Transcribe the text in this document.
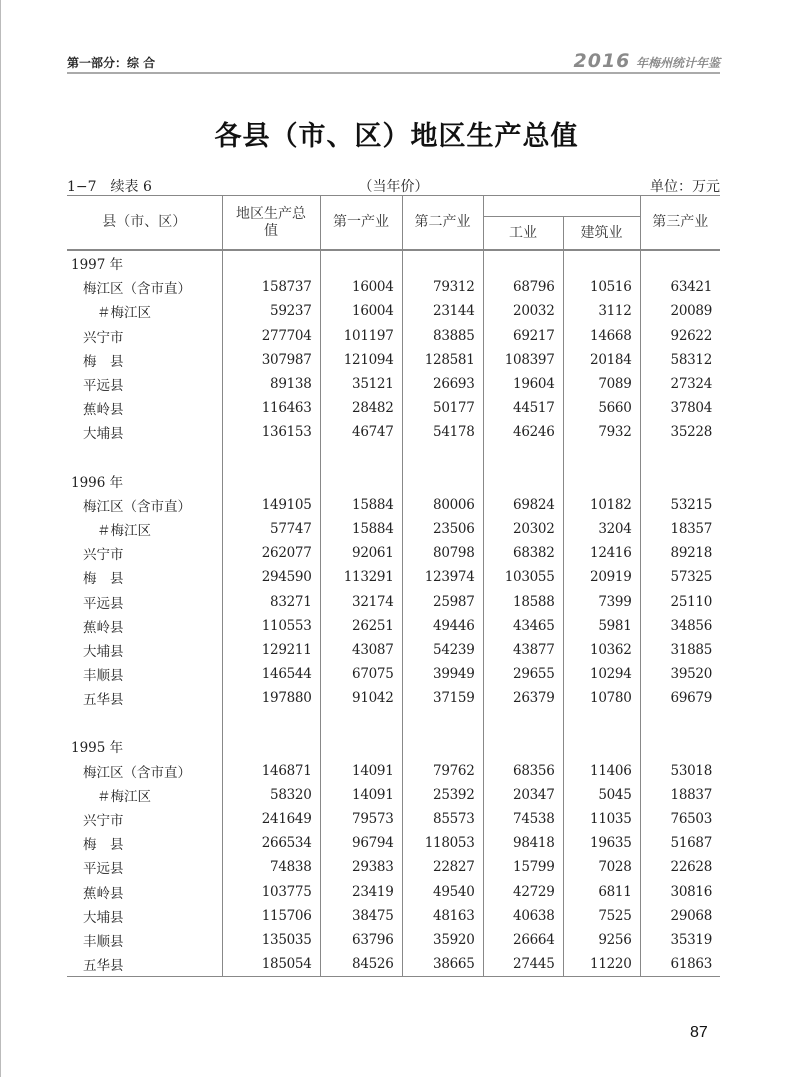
第一部分：综 合	2016 年梅州统计年鉴
各县（市、区）地区生产总值
1−7　续表 6	（当年价）	单位：万元
县（市、区）	地区生产总值	第一产业	第二产业			第三产业
				工业	建筑业	
1997 年						
梅江区（含市直）	158737	16004	79312	68796	10516	63421
＃梅江区	59237	16004	23144	20032	3112	20089
兴宁市	277704	101197	83885	69217	14668	92622
梅　县	307987	121094	128581	108397	20184	58312
平远县	89138	35121	26693	19604	7089	27324
蕉岭县	116463	28482	50177	44517	5660	37804
大埔县	136153	46747	54178	46246	7932	35228

1996 年						
梅江区（含市直）	149105	15884	80006	69824	10182	53215
＃梅江区	57747	15884	23506	20302	3204	18357
兴宁市	262077	92061	80798	68382	12416	89218
梅　县	294590	113291	123974	103055	20919	57325
平远县	83271	32174	25987	18588	7399	25110
蕉岭县	110553	26251	49446	43465	5981	34856
大埔县	129211	43087	54239	43877	10362	31885
丰顺县	146544	67075	39949	29655	10294	39520
五华县	197880	91042	37159	26379	10780	69679

1995 年						
梅江区（含市直）	146871	14091	79762	68356	11406	53018
＃梅江区	58320	14091	25392	20347	5045	18837
兴宁市	241649	79573	85573	74538	11035	76503
梅　县	266534	96794	118053	98418	19635	51687
平远县	74838	29383	22827	15799	7028	22628
蕉岭县	103775	23419	49540	42729	6811	30816
大埔县	115706	38475	48163	40638	7525	29068
丰顺县	135035	63796	35920	26664	9256	35319
五华县	185054	84526	38665	27445	11220	61863
87
